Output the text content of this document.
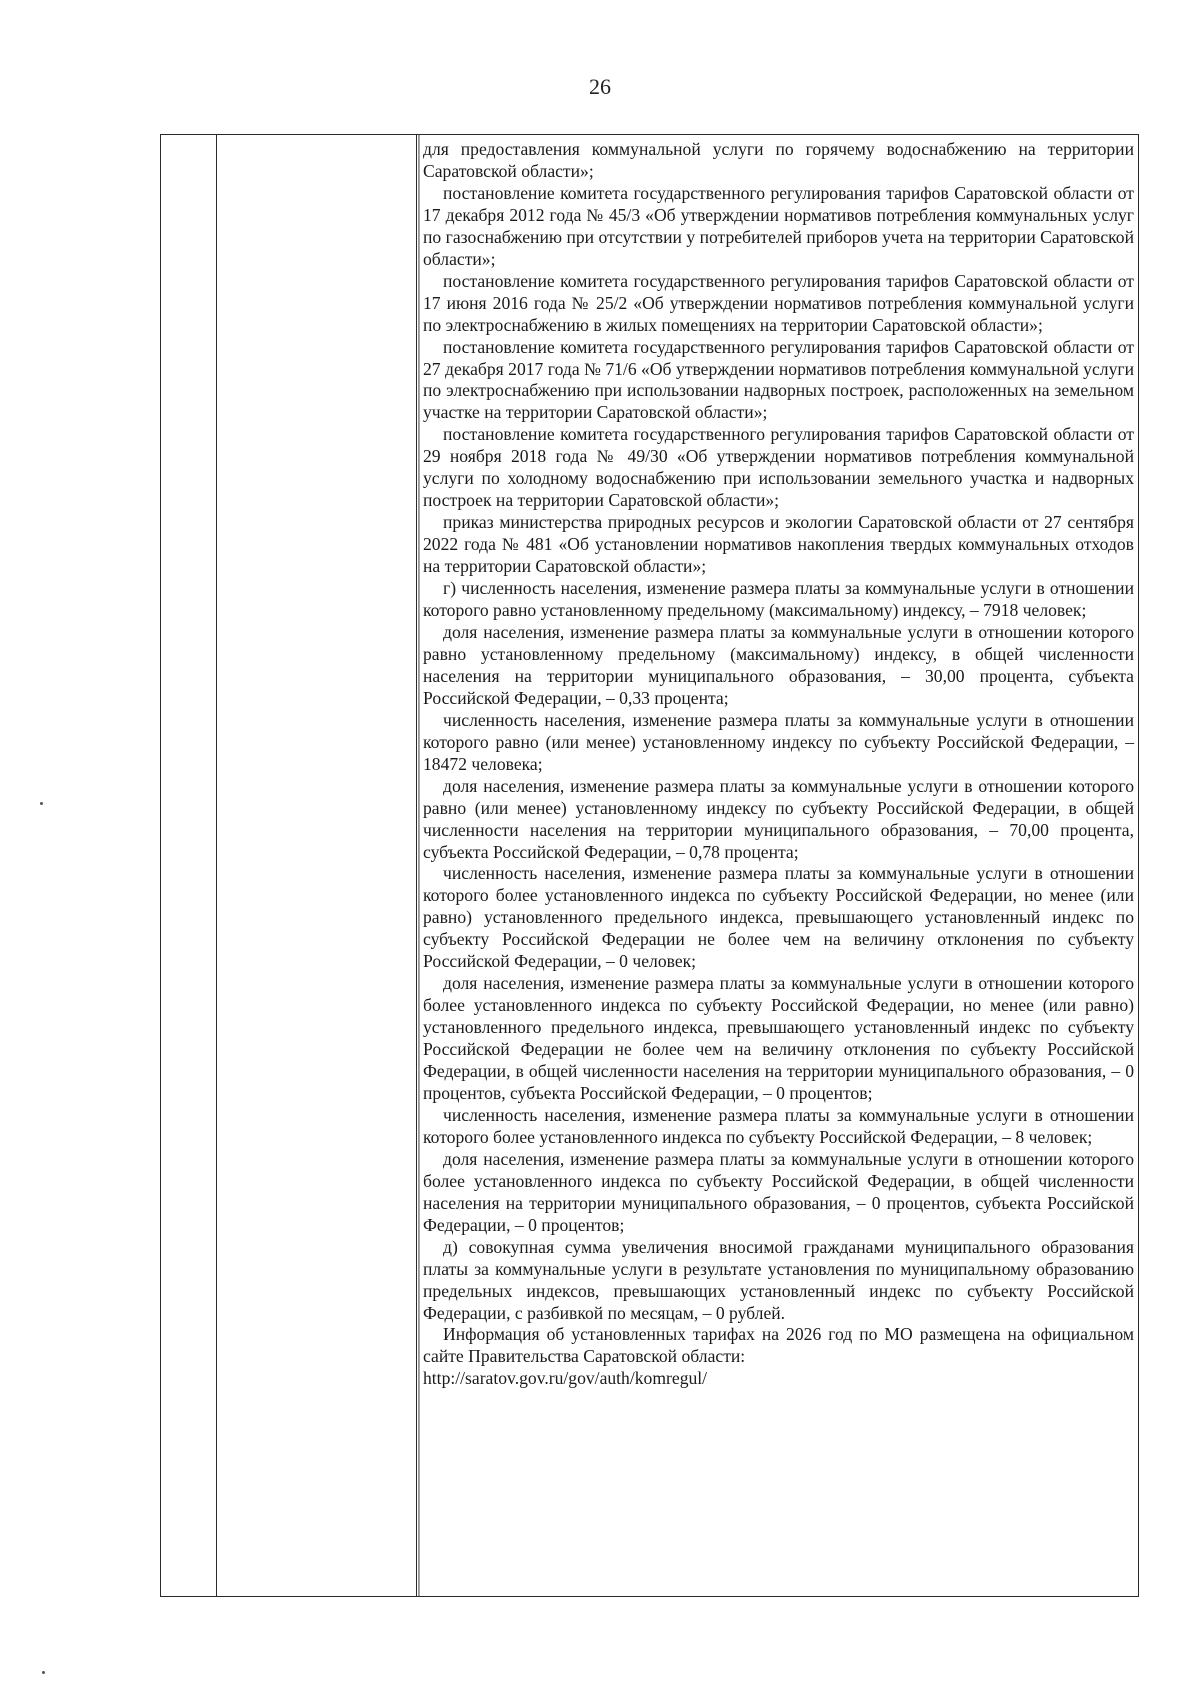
26

для предоставления коммунальной услуги по горячему водоснабжению на территории Саратовской области»;

постановление комитета государственного регулирования тарифов Саратовской области от 17 декабря 2012 года № 45/3 «Об утверждении нормативов потребления коммунальных услуг по газоснабжению при отсутствии у потребителей приборов учета на территории Саратовской области»;

постановление комитета государственного регулирования тарифов Саратовской области от 17 июня 2016 года № 25/2 «Об утверждении нормативов потребления коммунальной услуги по электроснабжению в жилых помещениях на территории Саратовской области»;

постановление комитета государственного регулирования тарифов Саратовской области от 27 декабря 2017 года № 71/6 «Об утверждении нормативов потребления коммунальной услуги по электроснабжению при использовании надворных построек, расположенных на земельном участке на территории Саратовской области»;

постановление комитета государственного регулирования тарифов Саратовской области от 29 ноября 2018 года № 49/30 «Об утверждении нормативов потребления коммунальной услуги по холодному водоснабжению при использовании земельного участка и надворных построек на территории Саратовской области»;

приказ министерства природных ресурсов и экологии Саратовской области от 27 сентября 2022 года № 481 «Об установлении нормативов накопления твердых коммунальных отходов на территории Саратовской области»;

г) численность населения, изменение размера платы за коммунальные услуги в отношении которого равно установленному предельному (максимальному) индексу, – 7918 человек;

доля населения, изменение размера платы за коммунальные услуги в отношении которого равно установленному предельному (максимальному) индексу, в общей численности населения на территории муниципального образования, – 30,00 процента, субъекта Российской Федерации, – 0,33 процента;

численность населения, изменение размера платы за коммунальные услуги в отношении которого равно (или менее) установленному индексу по субъекту Российской Федерации, – 18472 человека;

доля населения, изменение размера платы за коммунальные услуги в отношении которого равно (или менее) установленному индексу по субъекту Российской Федерации, в общей численности населения на территории муниципального образования, – 70,00 процента, субъекта Российской Федерации, – 0,78 процента;

численность населения, изменение размера платы за коммунальные услуги в отношении которого более установленного индекса по субъекту Российской Федерации, но менее (или равно) установленного предельного индекса, превышающего установленный индекс по субъекту Российской Федерации не более чем на величину отклонения по субъекту Российской Федерации, – 0 человек;

доля населения, изменение размера платы за коммунальные услуги в отношении которого более установленного индекса по субъекту Российской Федерации, но менее (или равно) установленного предельного индекса, превышающего установленный индекс по субъекту Российской Федерации не более чем на величину отклонения по субъекту Российской Федерации, в общей численности населения на территории муниципального образования, – 0 процентов, субъекта Российской Федерации, – 0 процентов;

численность населения, изменение размера платы за коммунальные услуги в отношении которого более установленного индекса по субъекту Российской Федерации, – 8 человек;

доля населения, изменение размера платы за коммунальные услуги в отношении которого более установленного индекса по субъекту Российской Федерации, в общей численности населения на территории муниципального образования, – 0 процентов, субъекта Российской Федерации, – 0 процентов;

д) совокупная сумма увеличения вносимой гражданами муниципального образования платы за коммунальные услуги в результате установления по муниципальному образованию предельных индексов, превышающих установленный индекс по субъекту Российской Федерации, с разбивкой по месяцам, – 0 рублей.

Информация об установленных тарифах на 2026 год по МО размещена на официальном сайте Правительства Саратовской области:

http://saratov.gov.ru/gov/auth/komregul/
